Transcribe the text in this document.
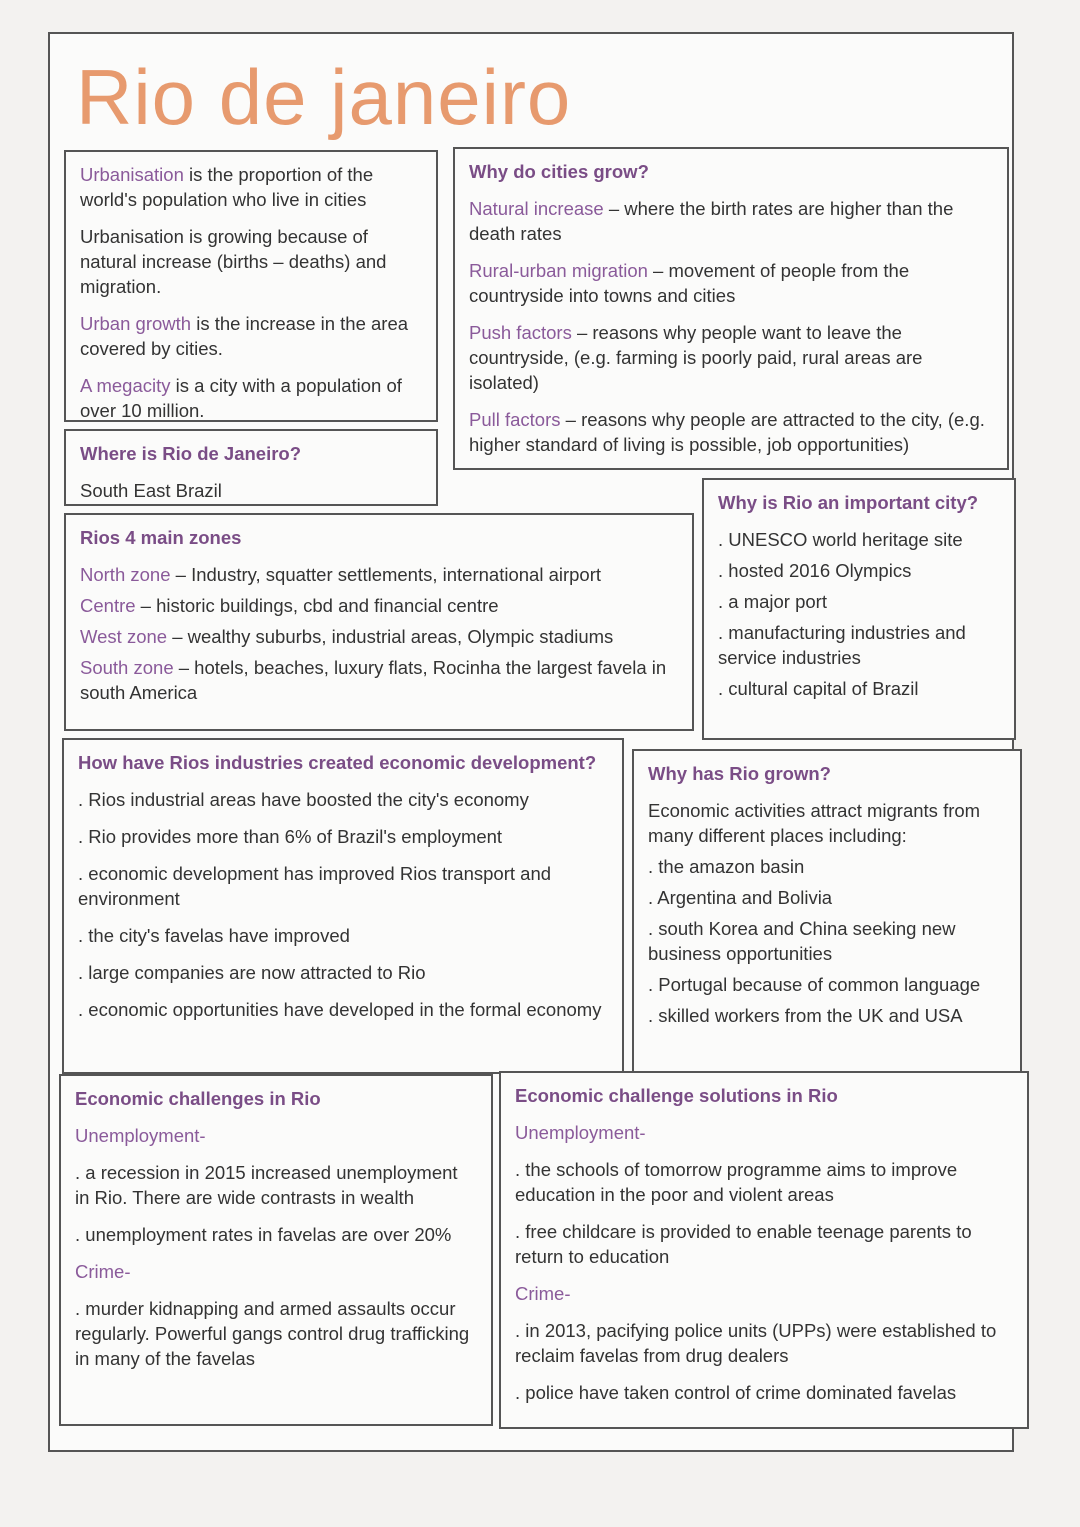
Rio de janeiro

Urbanisation is the proportion of the world's population who live in cities

Urbanisation is growing because of natural increase (births – deaths) and migration.

Urban growth is the increase in the area covered by cities.

A megacity is a city with a population of over 10 million.

Where is Rio de Janeiro?

South East Brazil

Why do cities grow?

Natural increase – where the birth rates are higher than the death rates

Rural-urban migration – movement of people from the countryside into towns and cities

Push factors – reasons why people want to leave the countryside, (e.g. farming is poorly paid, rural areas are isolated)

Pull factors – reasons why people are attracted to the city, (e.g. higher standard of living is possible, job opportunities)

Rios 4 main zones

North zone – Industry, squatter settlements, international airport

Centre – historic buildings, cbd and financial centre

West zone – wealthy suburbs, industrial areas, Olympic stadiums

South zone – hotels, beaches, luxury flats, Rocinha the largest favela in south America

Why is Rio an important city?

. UNESCO world heritage site

. hosted 2016 Olympics

. a major port

. manufacturing industries and service industries

. cultural capital of Brazil

How have Rios industries created economic development?

. Rios industrial areas have boosted the city's economy

. Rio provides more than 6% of Brazil's employment

. economic development has improved Rios transport and environment

. the city's favelas have improved

. large companies are now attracted to Rio

. economic opportunities have developed in the formal economy

Why has Rio grown?

Economic activities attract migrants from many different places including:

. the amazon basin

. Argentina and Bolivia

. south Korea and China seeking new business opportunities

. Portugal because of common language

. skilled workers from the UK and USA

Economic challenges in Rio

Unemployment-

. a recession in 2015 increased unemployment in Rio. There are wide contrasts in wealth

. unemployment rates in favelas are over 20%

Crime-

. murder kidnapping and armed assaults occur regularly. Powerful gangs control drug trafficking in many of the favelas

Economic challenge solutions in Rio

Unemployment-

. the schools of tomorrow programme aims to improve education in the poor and violent areas

. free childcare is provided to enable teenage parents to return to education

Crime-

. in 2013, pacifying police units (UPPs) were established to reclaim favelas from drug dealers

. police have taken control of crime dominated favelas
